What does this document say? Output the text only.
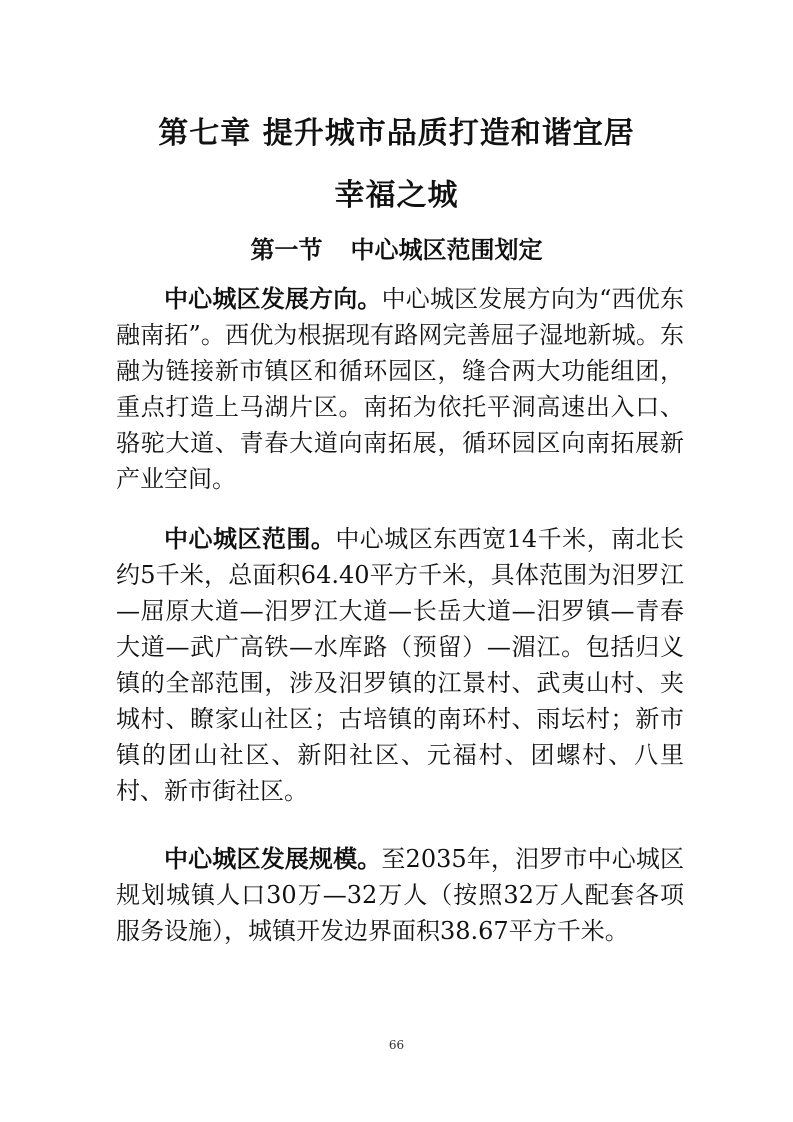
第七章 提升城市品质打造和谐宜居
幸福之城
第一节 中心城区范围划定

中心城区发展方向。中心城区发展方向为“西优东融南拓”。西优为根据现有路网完善屈子湿地新城。东融为链接新市镇区和循环园区，缝合两大功能组团，重点打造上马湖片区。南拓为依托平洞高速出入口、骆驼大道、青春大道向南拓展，循环园区向南拓展新产业空间。

中心城区范围。中心城区东西宽14千米，南北长约5千米，总面积64.40平方千米，具体范围为汨罗江—屈原大道—汨罗江大道—长岳大道—汨罗镇—青春大道—武广高铁—水库路（预留）—湄江。包括归义镇的全部范围，涉及汨罗镇的江景村、武夷山村、夹城村、瞭家山社区；古培镇的南环村、雨坛村；新市镇的团山社区、新阳社区、元福村、团螺村、八里村、新市街社区。

中心城区发展规模。至2035年，汨罗市中心城区规划城镇人口30万—32万人（按照32万人配套各项服务设施），城镇开发边界面积38.67平方千米。

66
